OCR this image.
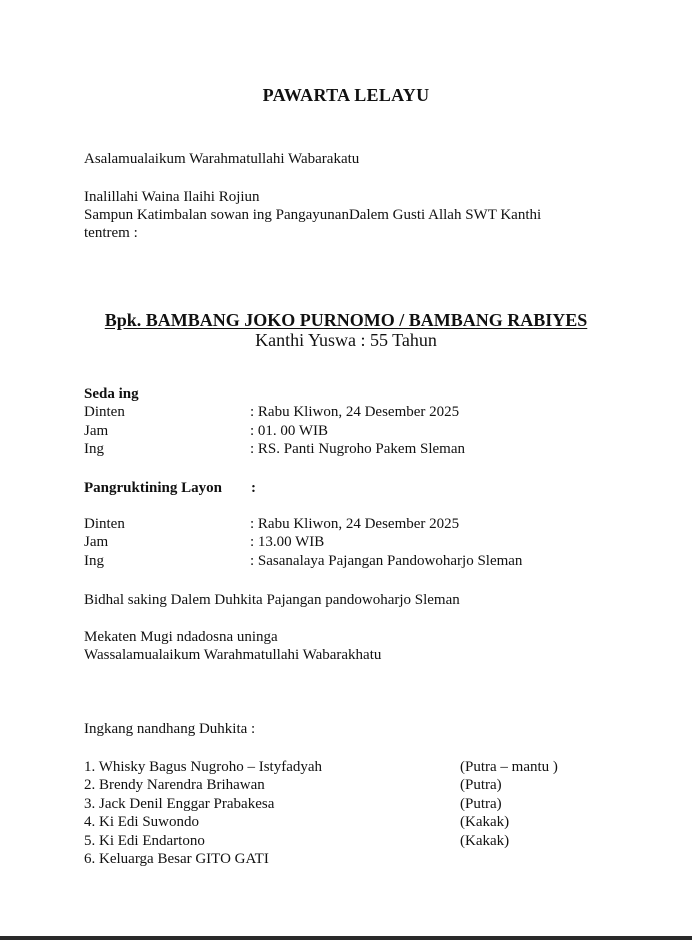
PAWARTA LELAYU
Asalamualaikum Warahmatullahi Wabarakatu
Inalillahi Waina Ilaihi Rojiun
Sampun Katimbalan sowan ing PangayunanDalem Gusti Allah SWT Kanthi
tentrem :
Bpk. BAMBANG JOKO PURNOMO / BAMBANG RABIYES
Kanthi Yuswa : 55 Tahun
Seda ing
Dinten	: Rabu Kliwon, 24 Desember 2025
Jam	: 01. 00 WIB
Ing	: RS. Panti Nugroho Pakem Sleman
Pangruktining Layon :
Dinten	: Rabu Kliwon, 24 Desember 2025
Jam	: 13.00 WIB
Ing	: Sasanalaya Pajangan Pandowoharjo Sleman
Bidhal saking Dalem Duhkita Pajangan pandowoharjo Sleman
Mekaten Mugi ndadosna uninga
Wassalamualaikum Warahmatullahi Wabarakhatu
Ingkang nandhang Duhkita :
1. Whisky Bagus Nugroho – Istyfadyah	(Putra – mantu )
2. Brendy Narendra Brihawan	(Putra)
3. Jack Denil Enggar Prabakesa	(Putra)
4. Ki Edi Suwondo	(Kakak)
5. Ki Edi Endartono	(Kakak)
6. Keluarga Besar GITO GATI
